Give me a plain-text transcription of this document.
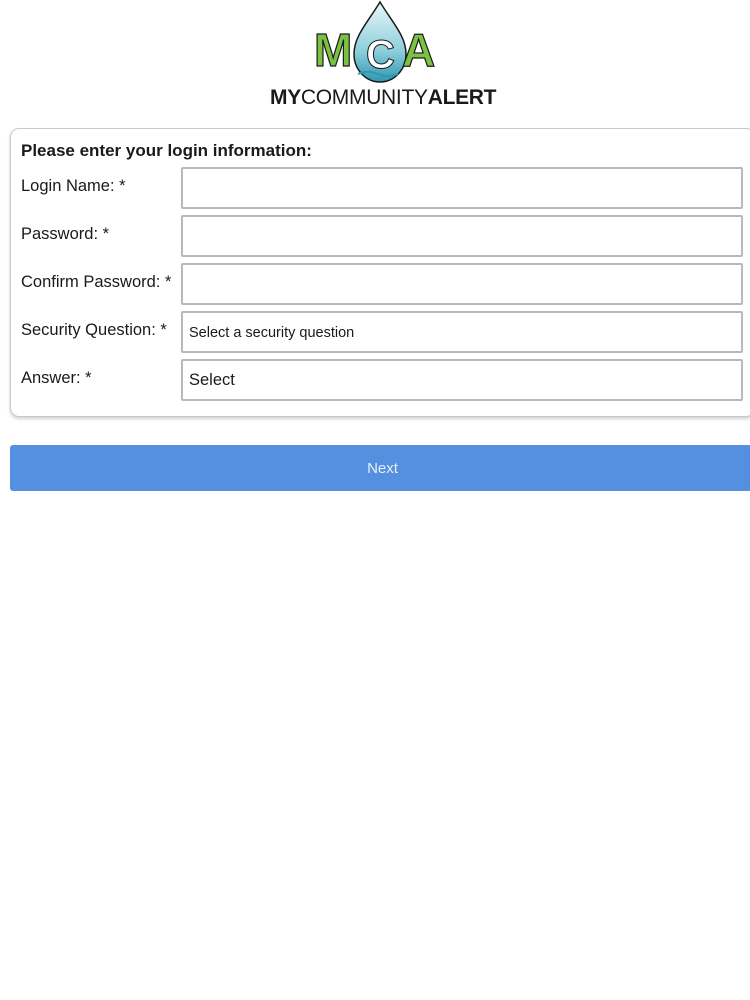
M C A
MYCOMMUNITYALERT
Please enter your login information:
Login Name: *
Password: *
Confirm Password: *
Security Question: * Select a security question
Answer: *	Select
Next
